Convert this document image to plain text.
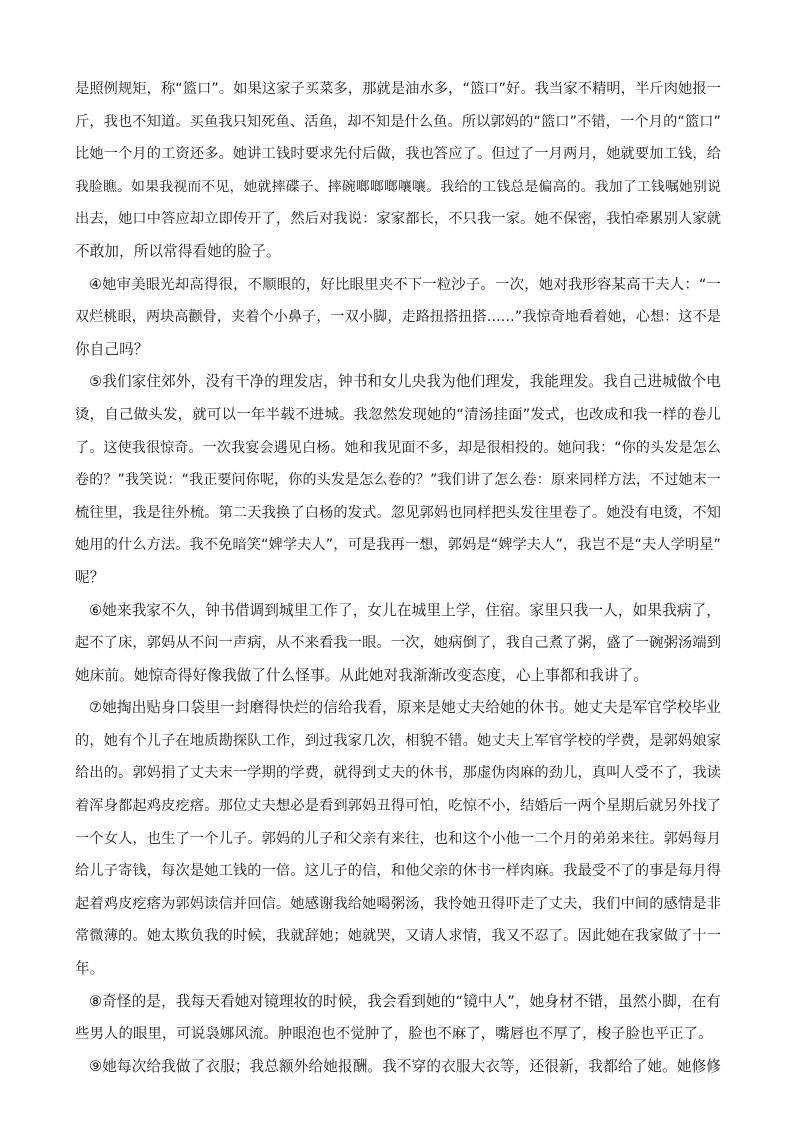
是照例规矩，称“篮口”。如果这家子买菜多，那就是油水多，“篮口”好。我当家不精明，半斤肉她报一
斤，我也不知道。买鱼我只知死鱼、活鱼，却不知是什么鱼。所以郭妈的“篮口”不错，一个月的“篮口”
比她一个月的工资还多。她讲工钱时要求先付后做，我也答应了。但过了一月两月，她就要加工钱，给
我脸瞧。如果我视而不见，她就摔碟子、摔碗啷啷啷嚷嚷。我给的工钱总是偏高的。我加了工钱嘱她别说
出去，她口中答应却立即传开了，然后对我说：家家都长，不只我一家。她不保密，我怕牵累别人家就
不敢加，所以常得看她的脸子。
④她审美眼光却高得很，不顺眼的，好比眼里夹不下一粒沙子。一次，她对我形容某高干夫人：“一
双烂桃眼，两块高颧骨，夹着个小鼻子，一双小脚，走路扭搭扭搭……”我惊奇地看着她，心想：这不是
你自己吗？
⑤我们家住郊外，没有干净的理发店，钟书和女儿央我为他们理发，我能理发。我自己进城做个电
烫，自己做头发，就可以一年半载不进城。我忽然发现她的“清汤挂面”发式，也改成和我一样的卷儿
了。这使我很惊奇。一次我宴会遇见白杨。她和我见面不多，却是很相投的。她问我：“你的头发是怎么
卷的？”我笑说：“我正要问你呢，你的头发是怎么卷的？”我们讲了怎么卷：原来同样方法，不过她末一
梳往里，我是往外梳。第二天我换了白杨的发式。忽见郭妈也同样把头发往里卷了。她没有电烫，不知
她用的什么方法。我不免暗笑“婢学夫人”，可是我再一想，郭妈是“婢学夫人”，我岂不是“夫人学明星”
呢？
⑥她来我家不久，钟书借调到城里工作了，女儿在城里上学，住宿。家里只我一人，如果我病了，
起不了床，郭妈从不问一声病，从不来看我一眼。一次，她病倒了，我自己煮了粥，盛了一碗粥汤端到
她床前。她惊奇得好像我做了什么怪事。从此她对我渐渐改变态度，心上事都和我讲了。
⑦她掏出贴身口袋里一封磨得快烂的信给我看，原来是她丈夫给她的休书。她丈夫是军官学校毕业
的，她有个儿子在地质勘探队工作，到过我家几次，相貌不错。她丈夫上军官学校的学费，是郭妈娘家
给出的。郭妈捐了丈夫末一学期的学费，就得到丈夫的休书，那虚伪肉麻的劲儿，真叫人受不了，我读
着浑身都起鸡皮疙瘩。那位丈夫想必是看到郭妈丑得可怕，吃惊不小，结婚后一两个星期后就另外找了
一个女人，也生了一个儿子。郭妈的儿子和父亲有来往，也和这个小他一二个月的弟弟来往。郭妈每月
给儿子寄钱，每次是她工钱的一倍。这儿子的信，和他父亲的休书一样肉麻。我最受不了的事是每月得
起着鸡皮疙瘩为郭妈读信并回信。她感谢我给她喝粥汤，我怜她丑得吓走了丈夫，我们中间的感情是非
常微薄的。她太欺负我的时候，我就辞她；她就哭，又请人求情，我又不忍了。因此她在我家做了十一
年。
⑧奇怪的是，我每天看她对镜理妆的时候，我会看到她的“镜中人”，她身材不错，虽然小脚，在有
些男人的眼里，可说袅娜风流。肿眼泡也不觉肿了，脸也不麻了，嘴唇也不厚了，梭子脸也平正了。
⑨她每次给我做了衣服；我总额外给她报酬。我不穿的衣服大衣等，还很新，我都给了她。她修修
